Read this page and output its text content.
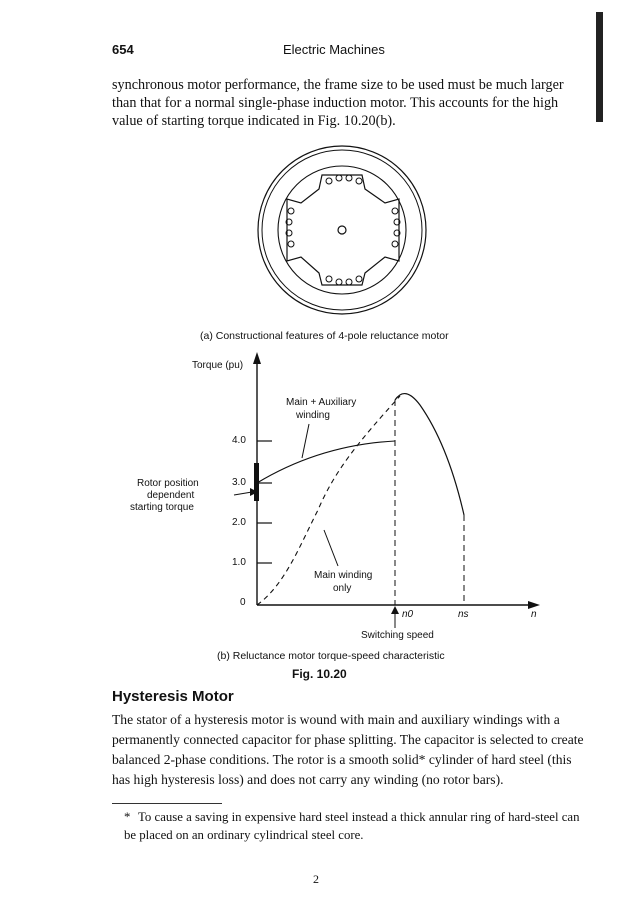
654	Electric Machines
synchronous motor performance, the frame size to be used must be much larger than that for a normal single-phase induction motor. This accounts for the high value of starting torque indicated in Fig. 10.20(b).
(a) Constructional features of 4-pole reluctance motor
Torque (pu)
4.0
3.0
2.0
1.0
0
Main + Auxiliary
winding
Main winding
only
Rotor position
dependent
starting torque
n0	ns	n
Switching speed
(b) Reluctance motor torque-speed characteristic
Fig. 10.20
Hysteresis Motor
The stator of a hysteresis motor is wound with main and auxiliary windings with a permanently connected capacitor for phase splitting. The capacitor is selected to create balanced 2-phase conditions. The rotor is a smooth solid* cylinder of hard steel (this has high hysteresis loss) and does not carry any winding (no rotor bars).
* To cause a saving in expensive hard steel instead a thick annular ring of hard-steel can be placed on an ordinary cylindrical steel core.
2
